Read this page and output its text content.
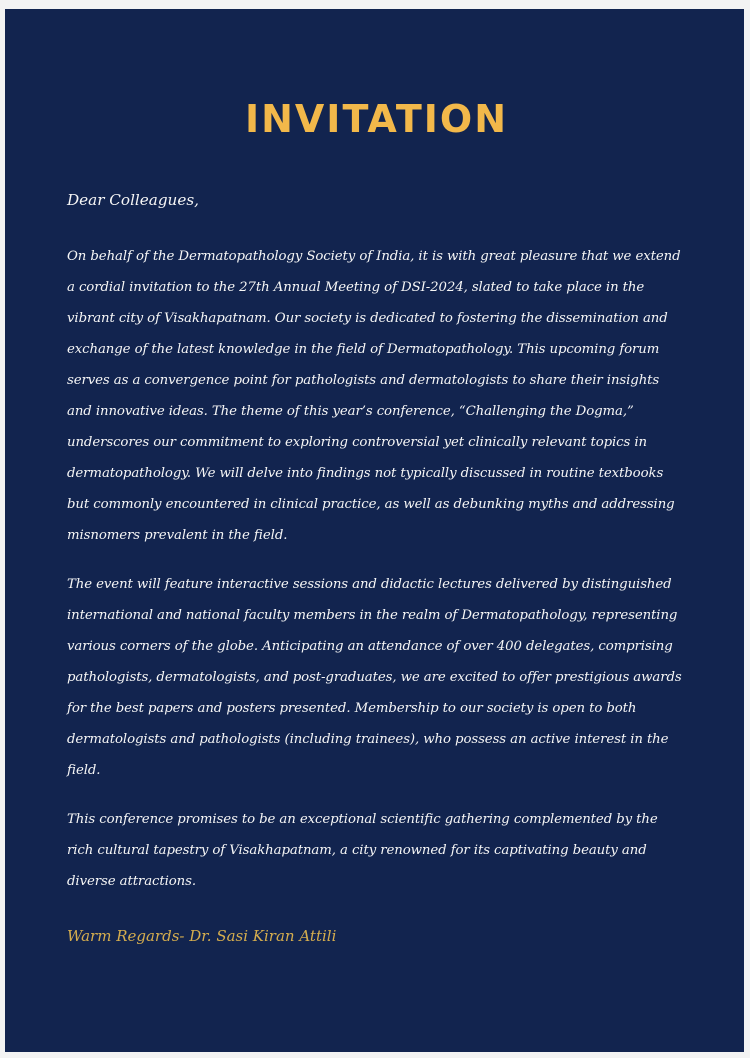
INVITATION
Dear Colleagues,
On behalf of the Dermatopathology Society of India, it is with great pleasure that we extend a cordial invitation to the 27th Annual Meeting of DSI-2024, slated to take place in the vibrant city of Visakhapatnam. Our society is dedicated to fostering the dissemination and exchange of the latest knowledge in the field of Dermatopathology. This upcoming forum serves as a convergence point for pathologists and dermatologists to share their insights and innovative ideas. The theme of this year’s conference, “Challenging the Dogma,” underscores our commitment to exploring controversial yet clinically relevant topics in dermatopathology. We will delve into findings not typically discussed in routine textbooks but commonly encountered in clinical practice, as well as debunking myths and addressing misnomers prevalent in the field.
The event will feature interactive sessions and didactic lectures delivered by distinguished international and national faculty members in the realm of Dermatopathology, representing various corners of the globe. Anticipating an attendance of over 400 delegates, comprising pathologists, dermatologists, and post-graduates, we are excited to offer prestigious awards for the best papers and posters presented. Membership to our society is open to both dermatologists and pathologists (including trainees), who possess an active interest in the field.
This conference promises to be an exceptional scientific gathering complemented by the rich cultural tapestry of Visakhapatnam, a city renowned for its captivating beauty and diverse attractions.
Warm Regards- Dr. Sasi Kiran Attili
